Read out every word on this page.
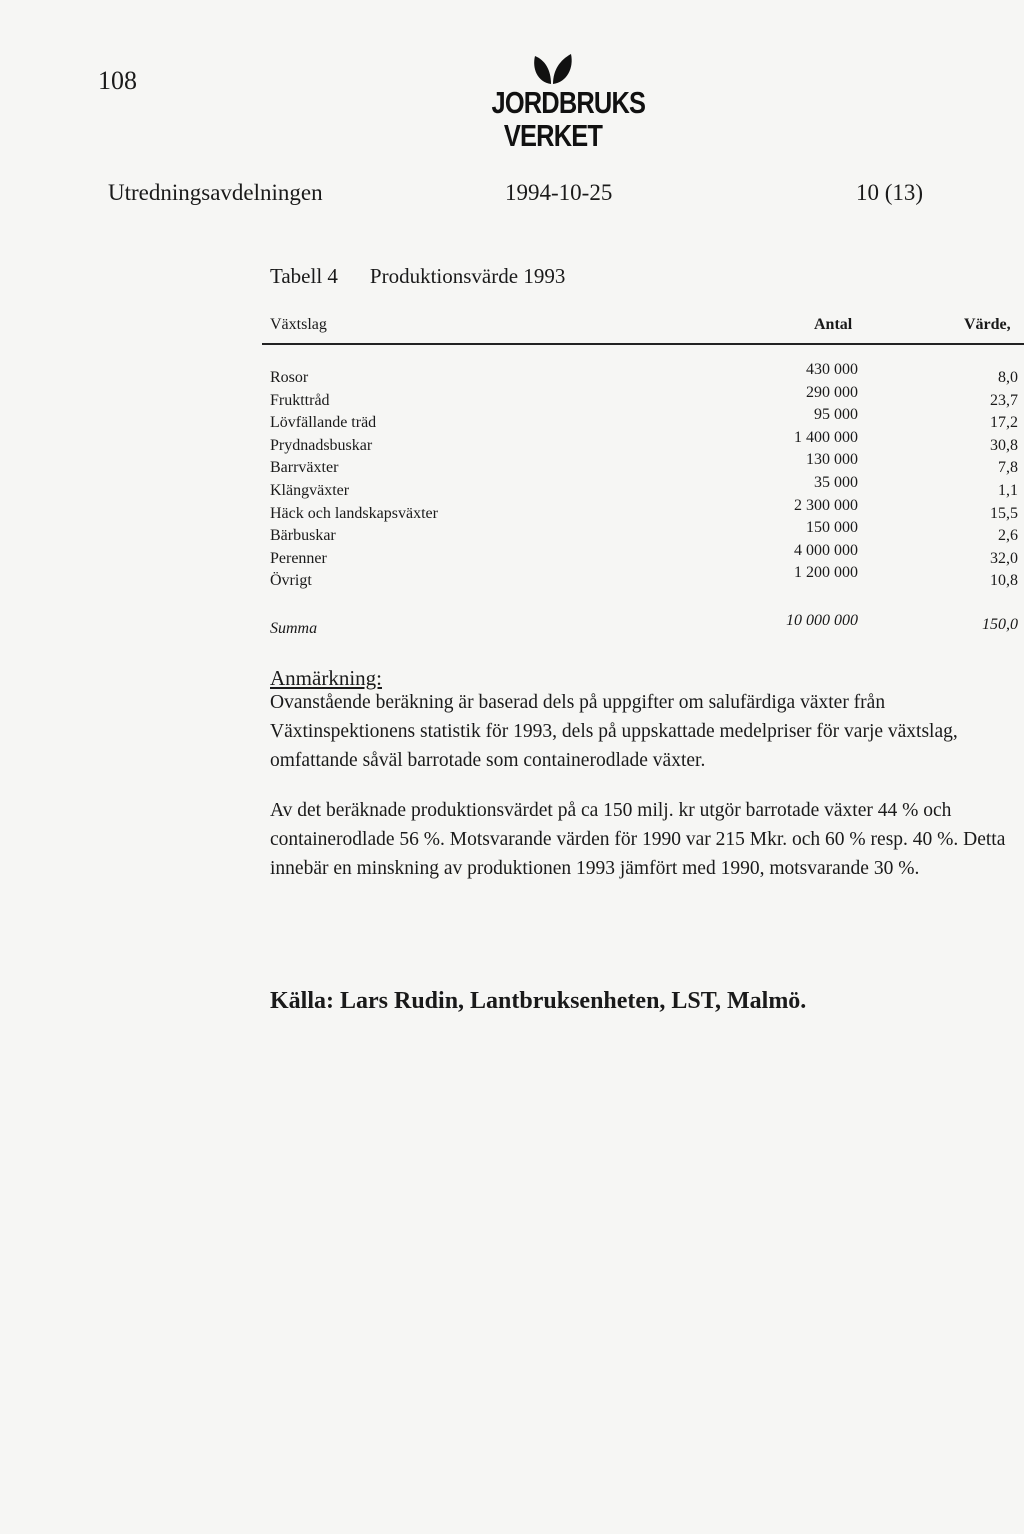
108
JORDBRUKS
VERKET
Utredningsavdelningen	1994-10-25	10 (13)
Tabell 4 Produktionsvärde 1993
Växtslag	Antal	Värde,
Rosor	430 000	8,0
Frukttråd	290 000	23,7
Lövfällande träd	95 000	17,2
Prydnadsbuskar	1 400 000	30,8
Barrväxter	130 000	7,8
Klängväxter	35 000	1,1
Häck och landskapsväxter	2 300 000	15,5
Bärbuskar	150 000	2,6
Perenner	4 000 000	32,0
Övrigt	1 200 000	10,8
Summa	10 000 000	150,0
Anmärkning:
Ovanstående beräkning är baserad dels på uppgifter om salufärdiga växter från Växtinspektionens statistik för 1993, dels på uppskattade medelpriser för varje växtslag, omfattande såväl barrotade som containerodlade växter.
Av det beräknade produktionsvärdet på ca 150 milj. kr utgör barrotade växter 44 % och containerodlade 56 %. Motsvarande värden för 1990 var 215 Mkr. och 60 % resp. 40 %. Detta innebär en minskning av produktionen 1993 jämfört med 1990, motsvarande 30 %.
Källa: Lars Rudin, Lantbruksenheten, LST, Malmö.
